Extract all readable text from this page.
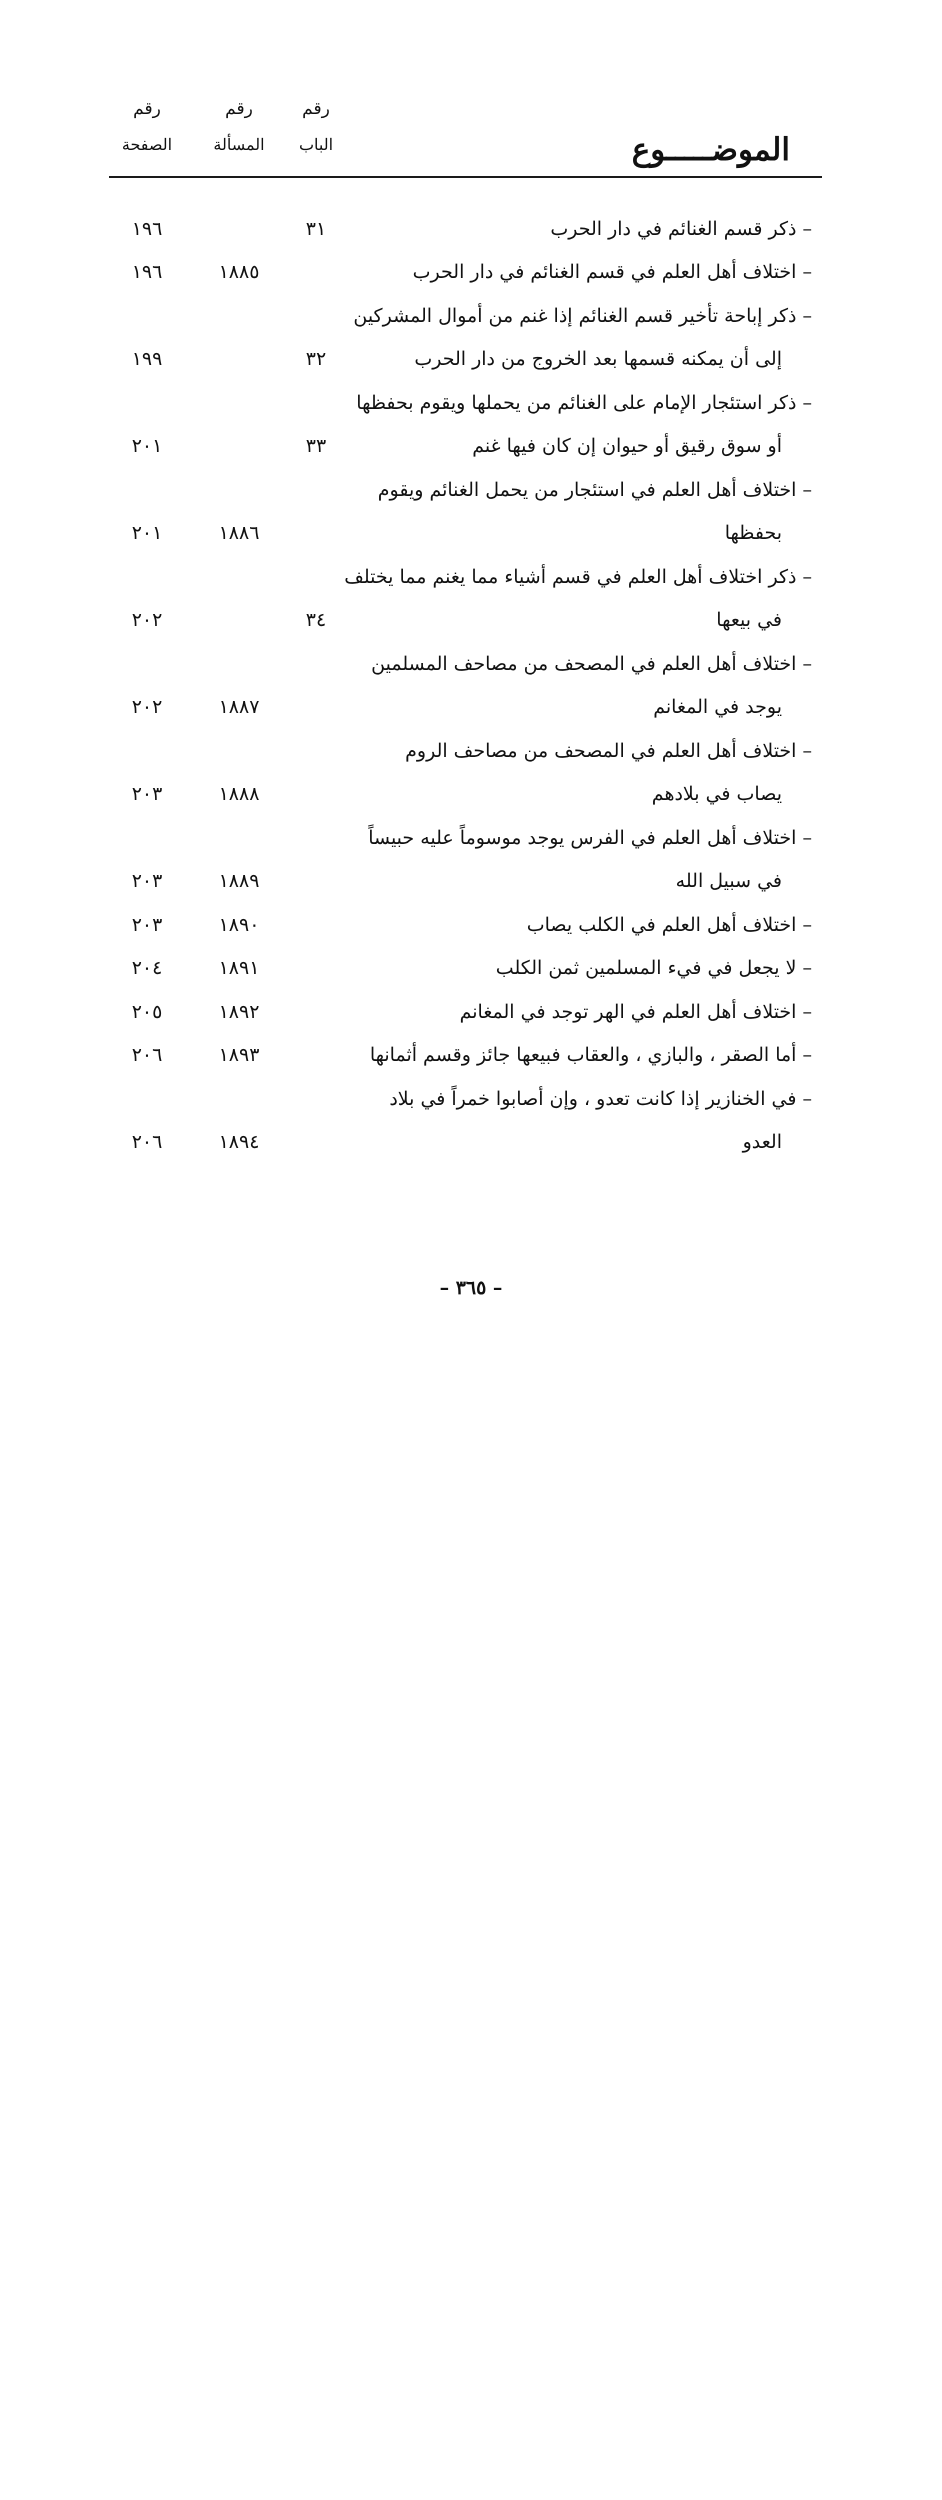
رقم
الصفحة
رقم
المسألة
رقم
الباب	الموضـــــوع
– ذكر قسم الغنائم في دار الحرب
٣١
١٩٦
– اختلاف أهل العلم في قسم الغنائم في دار الحرب
١٨٨٥
١٩٦
– ذكر إباحة تأخير قسم الغنائم إذا غنم من أموال المشركين
إلى أن يمكنه قسمها بعد الخروج من دار الحرب
٣٢
١٩٩
– ذكر استئجار الإمام على الغنائم من يحملها ويقوم بحفظها
أو سوق رقيق أو حيوان إن كان فيها غنم
٣٣
٢٠١
– اختلاف أهل العلم في استئجار من يحمل الغنائم ويقوم
بحفظها
١٨٨٦
٢٠١
– ذكر اختلاف أهل العلم في قسم أشياء مما يغنم مما يختلف
في بيعها
٣٤
٢٠٢
– اختلاف أهل العلم في المصحف من مصاحف المسلمين
يوجد في المغانم
١٨٨٧
٢٠٢
– اختلاف أهل العلم في المصحف من مصاحف الروم
يصاب في بلادهم
١٨٨٨
٢٠٣
– اختلاف أهل العلم في الفرس يوجد موسوماً عليه حبيساً
في سبيل الله
١٨٨٩
٢٠٣
– اختلاف أهل العلم في الكلب يصاب
١٨٩٠
٢٠٣
– لا يجعل في فيء المسلمين ثمن الكلب
١٨٩١
٢٠٤
– اختلاف أهل العلم في الهر توجد في المغانم
١٨٩٢
٢٠٥
– أما الصقر ، والبازي ، والعقاب فبيعها جائز وقسم أثمانها
١٨٩٣
٢٠٦
– في الخنازير إذا كانت تعدو ، وإن أصابوا خمراً في بلاد
العدو
١٨٩٤
٢٠٦
– ٣٦٥ –
